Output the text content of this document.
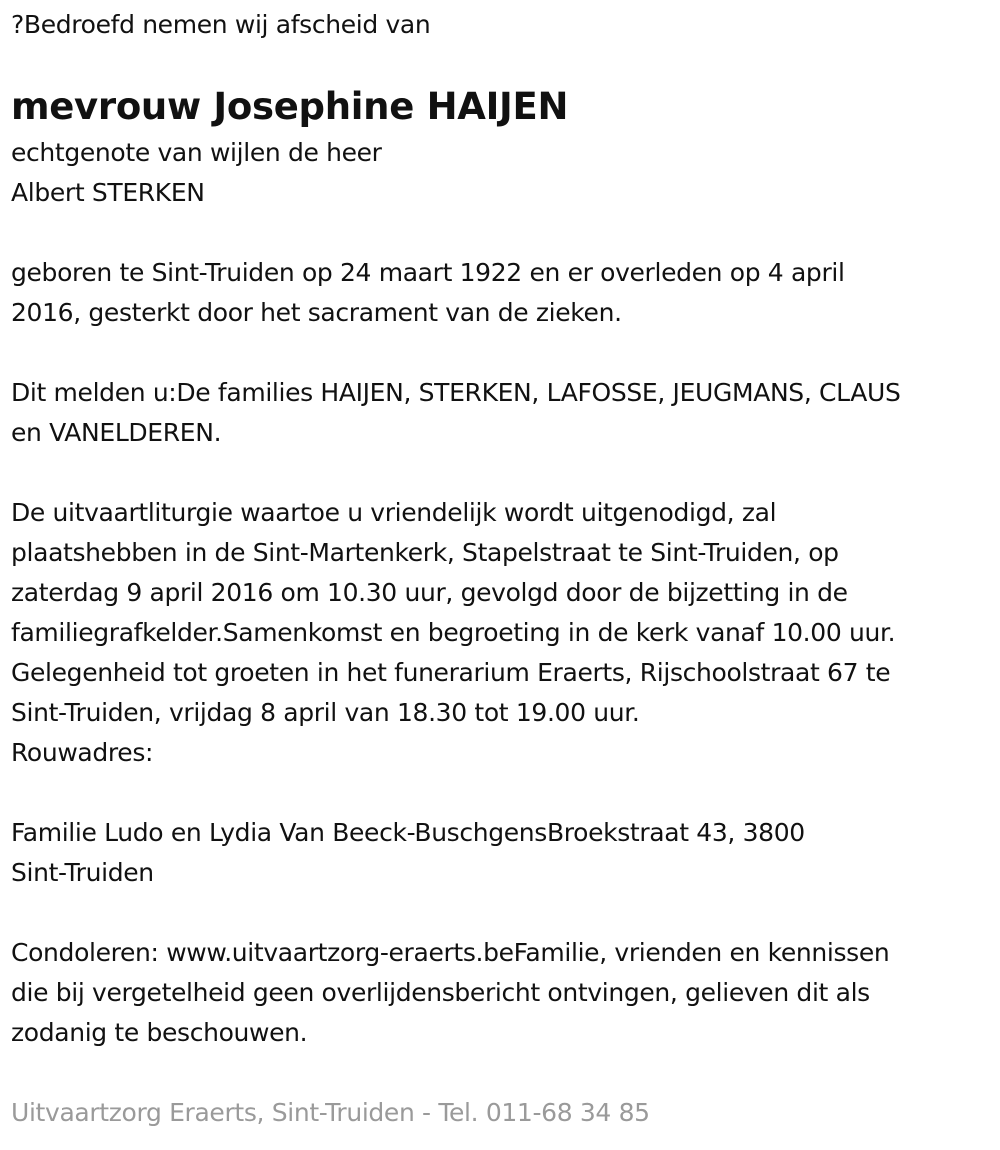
?Bedroefd nemen wij afscheid van
mevrouw Josephine HAIJEN
echtgenote van wijlen de heer
Albert STERKEN
geboren te Sint-Truiden op 24 maart 1922 en er overleden op 4 april
2016, gesterkt door het sacrament van de zieken.
Dit melden u:De families HAIJEN, STERKEN, LAFOSSE, JEUGMANS, CLAUS
en VANELDEREN.
De uitvaartliturgie waartoe u vriendelijk wordt uitgenodigd, zal
plaatshebben in de Sint-Martenkerk, Stapelstraat te Sint-Truiden, op
zaterdag 9 april 2016 om 10.30 uur, gevolgd door de bijzetting in de
familiegrafkelder.Samenkomst en begroeting in de kerk vanaf 10.00 uur.
Gelegenheid tot groeten in het funerarium Eraerts, Rijschoolstraat 67 te
Sint-Truiden, vrijdag 8 april van 18.30 tot 19.00 uur.
Rouwadres:
Familie Ludo en Lydia Van Beeck-BuschgensBroekstraat 43, 3800
Sint-Truiden
Condoleren: www.uitvaartzorg-eraerts.beFamilie, vrienden en kennissen
die bij vergetelheid geen overlijdensbericht ontvingen, gelieven dit als
zodanig te beschouwen.
Uitvaartzorg Eraerts, Sint-Truiden - Tel. 011-68 34 85
